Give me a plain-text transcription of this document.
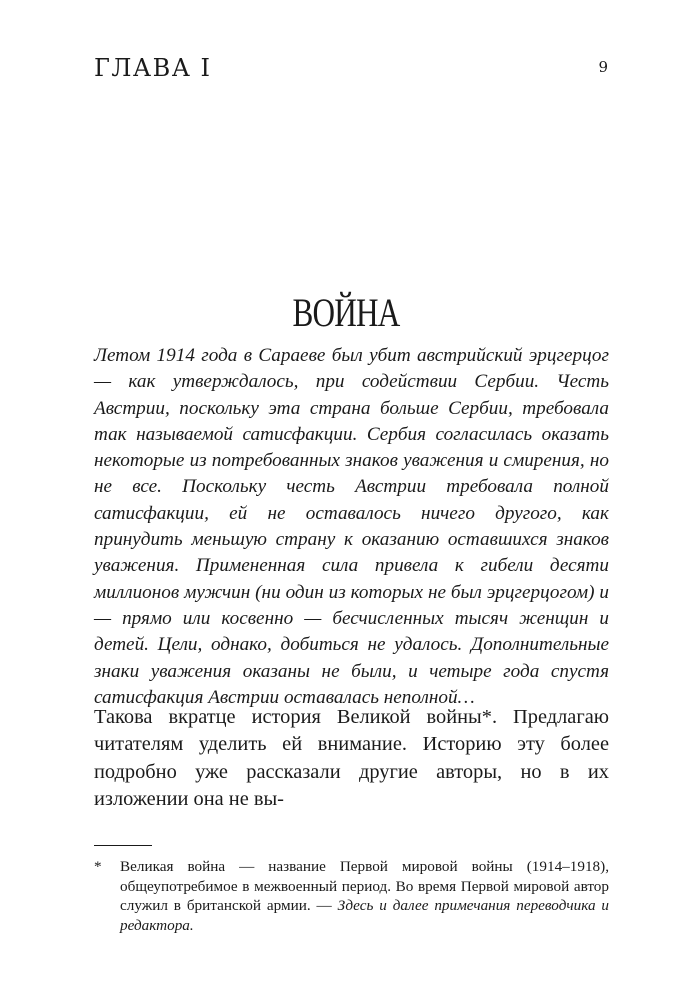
ГЛАВА I	9
ВОЙНА

Летом 1914 года в Сараеве был убит австрийский эрцгерцог — как утверждалось, при содействии Сербии. Честь Австрии, поскольку эта страна больше Сербии, требовала так называемой сатисфакции. Сербия согласилась оказать некоторые из потребованных знаков уважения и смирения, но не все. Поскольку честь Австрии требовала полной сатисфакции, ей не оставалось ничего другого, как принудить меньшую страну к оказанию оставшихся знаков уважения. Примененная сила привела к гибели десяти миллионов мужчин (ни один из которых не был эрцгерцогом) и — прямо или косвенно — бесчисленных тысяч женщин и детей. Цели, однако, добиться не удалось. Дополнительные знаки уважения оказаны не были, и четыре года спустя сатисфакция Австрии оставалась неполной…

Такова вкратце история Великой войны*. Предлагаю читателям уделить ей внимание. Историю эту более подробно уже рассказали другие авторы, но в их изложении она не вы-

* Великая война — название Первой мировой войны (1914–1918), общеупотребимое в межвоенный период. Во время Первой мировой автор служил в британской армии. — Здесь и далее примечания переводчика и редактора.
